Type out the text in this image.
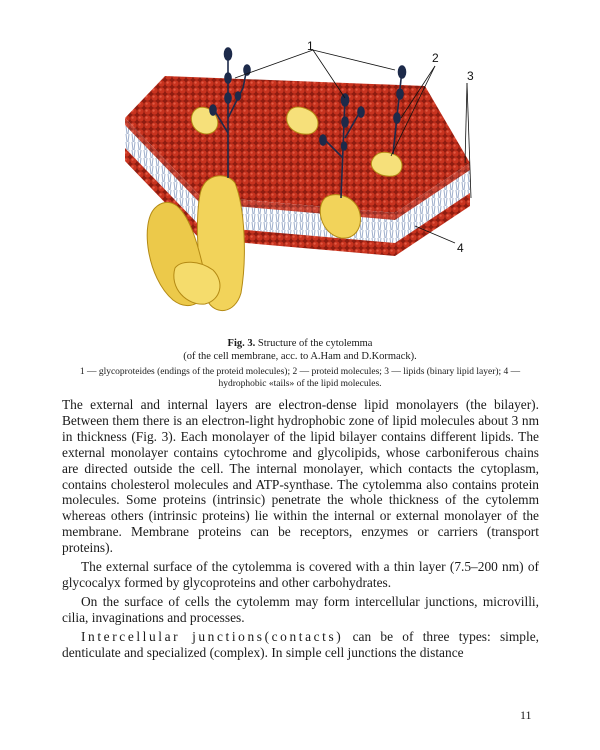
1
2
3
4
Fig. 3. Structure of the cytolemma
(of the cell membrane, acc. to A.Ham and D.Kormack).
1 — glycoproteides (endings of the proteid molecules); 2 — proteid molecules; 3 — lipids (binary lipid layer); 4 — hydrophobic «tails» of the lipid molecules.

The external and internal layers are electron-dense lipid monolayers (the bilayer). Between them there is an electron-light hydrophobic zone of lipid molecules about 3 nm in thickness (Fig. 3). Each monolayer of the lipid bilayer contains different lipids. The external monolayer contains cytochrome and glycolipids, whose carboniferous chains are directed outside the cell. The internal monolayer, which contacts the cytoplasm, contains cholesterol molecules and ATP-synthase. The cytolemma also contains protein molecules. Some proteins (intrinsic) penetrate the whole thickness of the cytolemm whereas others (intrinsic proteins) lie within the internal or external monolayer of the membrane. Membrane proteins can be receptors, enzymes or carriers (transport proteins).

The external surface of the cytolemma is covered with a thin layer (7.5–200 nm) of glycocalyx formed by glycoproteins and other carbohydrates.

On the surface of cells the cytolemm may form intercellular junctions, microvilli, cilia, invaginations and processes.

Intercellular junctions(contacts) can be of three types: simple, denticulate and specialized (complex). In simple cell junctions the distance

11
